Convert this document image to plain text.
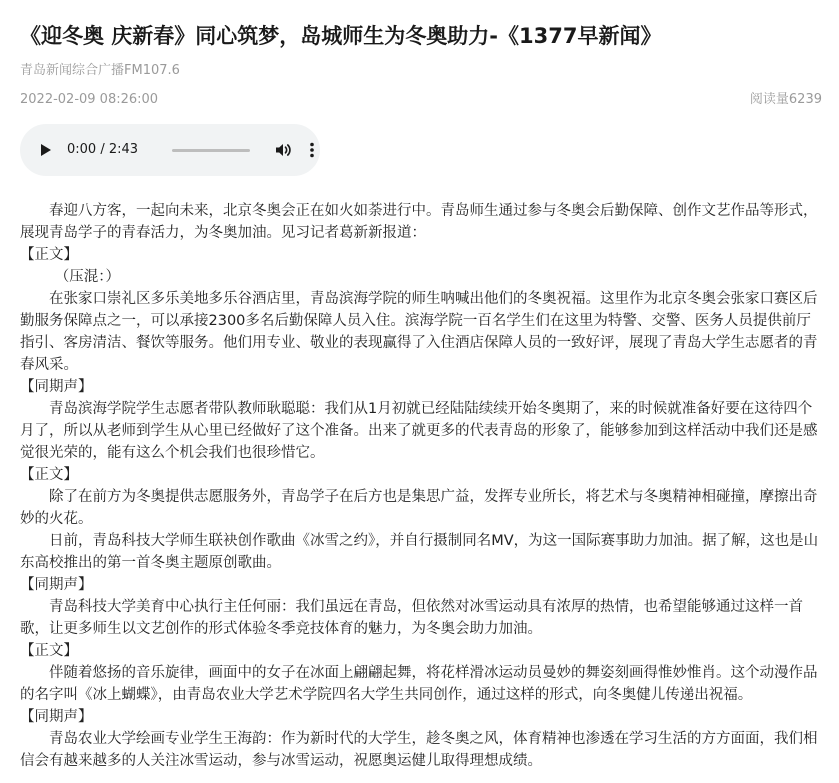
《迎冬奥 庆新春》同心筑梦，岛城师生为冬奥助力-《1377早新闻》
青岛新闻综合广播FM107.6
2022-02-09 08:26:00	阅读量6239
0:00 / 2:43

春迎八方客，一起向未来，北京冬奥会正在如火如荼进行中。青岛师生通过参与冬奥会后勤保障、创作文艺作品等形式，展现青岛学子的青春活力，为冬奥加油。见习记者葛新新报道：

【正文】

（压混：）

在张家口崇礼区多乐美地多乐谷酒店里，青岛滨海学院的师生呐喊出他们的冬奥祝福。这里作为北京冬奥会张家口赛区后勤服务保障点之一，可以承接2300多名后勤保障人员入住。滨海学院一百名学生们在这里为特警、交警、医务人员提供前厅指引、客房清洁、餐饮等服务。他们用专业、敬业的表现赢得了入住酒店保障人员的一致好评，展现了青岛大学生志愿者的青春风采。

【同期声】

青岛滨海学院学生志愿者带队教师耿聪聪：我们从1月初就已经陆陆续续开始冬奥期了，来的时候就准备好要在这待四个月了，所以从老师到学生从心里已经做好了这个准备。出来了就更多的代表青岛的形象了，能够参加到这样活动中我们还是感觉很光荣的，能有这么个机会我们也很珍惜它。

【正文】

除了在前方为冬奥提供志愿服务外，青岛学子在后方也是集思广益，发挥专业所长，将艺术与冬奥精神相碰撞，摩擦出奇妙的火花。

日前，青岛科技大学师生联袂创作歌曲《冰雪之约》，并自行摄制同名MV，为这一国际赛事助力加油。据了解，这也是山东高校推出的第一首冬奥主题原创歌曲。

【同期声】

青岛科技大学美育中心执行主任何丽：我们虽远在青岛，但依然对冰雪运动具有浓厚的热情，也希望能够通过这样一首歌，让更多师生以文艺创作的形式体验冬季竞技体育的魅力，为冬奥会助力加油。

【正文】

伴随着悠扬的音乐旋律，画面中的女子在冰面上翩翩起舞，将花样滑冰运动员曼妙的舞姿刻画得惟妙惟肖。这个动漫作品的名字叫《冰上蝴蝶》，由青岛农业大学艺术学院四名大学生共同创作，通过这样的形式，向冬奥健儿传递出祝福。

【同期声】

青岛农业大学绘画专业学生王海韵：作为新时代的大学生，趁冬奥之风，体育精神也渗透在学习生活的方方面面，我们相信会有越来越多的人关注冰雪运动，参与冰雪运动，祝愿奥运健儿取得理想成绩。
